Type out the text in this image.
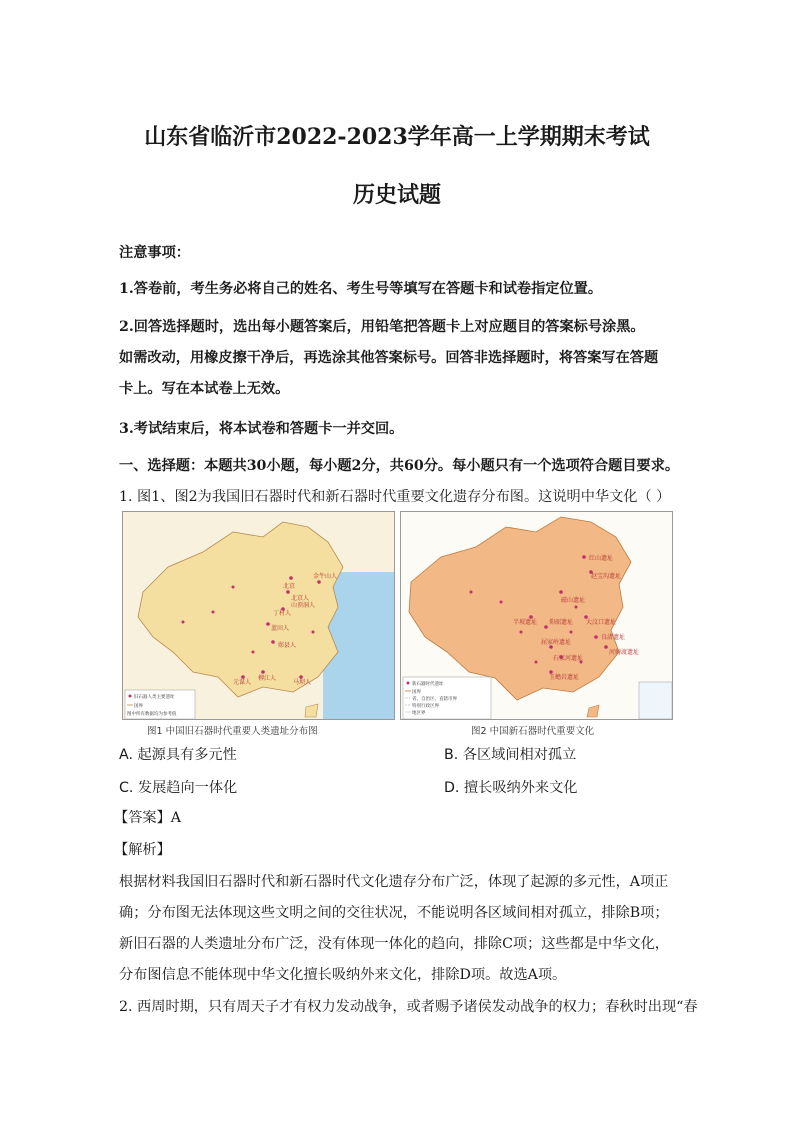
山东省临沂市2022-2023学年高一上学期期末考试
历史试题
注意事项：
1.答卷前，考生务必将自己的姓名、考生号等填写在答题卡和试卷指定位置。
2.回答选择题时，选出每小题答案后，用铅笔把答题卡上对应题目的答案标号涂黑。
如需改动，用橡皮擦干净后，再选涂其他答案标号。回答非选择题时，将答案写在答题
卡上。写在本试卷上无效。
3.考试结束后，将本试卷和答题卡一并交回。
一、选择题：本题共30小题，每小题2分，共60分。每小题只有一个选项符合题目要求。
1. 图1、图2为我国旧石器时代和新石器时代重要文化遗存分布图。这说明中华文化（ ）
北京
金牛山人
北京人
山顶洞人
丁村人
蓝田人
郧县人
元谋人	马坝人
柳江人
旧石器人类主要遗址
国界
图中所有数据均为参考值
红山遗址
赵宝沟遗址
磁山遗址
半坡遗址 仰韶遗址 大汶口遗址
河姆渡遗址
良渚遗址
屈家岭遗址
石家河遗址
玉蟾岩遗址
新石器时代遗址
国界
省、自治区、直辖市界
特别行政区界
地区界
图1 中国旧石器时代重要人类遗址分布图	图2 中国新石器时代重要文化
A. 起源具有多元性	B. 各区域间相对孤立
C. 发展趋向一体化	D. 擅长吸纳外来文化
【答案】A
【解析】
根据材料我国旧石器时代和新石器时代文化遗存分布广泛，体现了起源的多元性，A项正
确；分布图无法体现这些文明之间的交往状况，不能说明各区域间相对孤立，排除B项；
新旧石器的人类遗址分布广泛，没有体现一体化的趋向，排除C项；这些都是中华文化，
分布图信息不能体现中华文化擅长吸纳外来文化，排除D项。故选A项。
2. 西周时期，只有周天子才有权力发动战争，或者赐予诸侯发动战争的权力；春秋时出现“春
